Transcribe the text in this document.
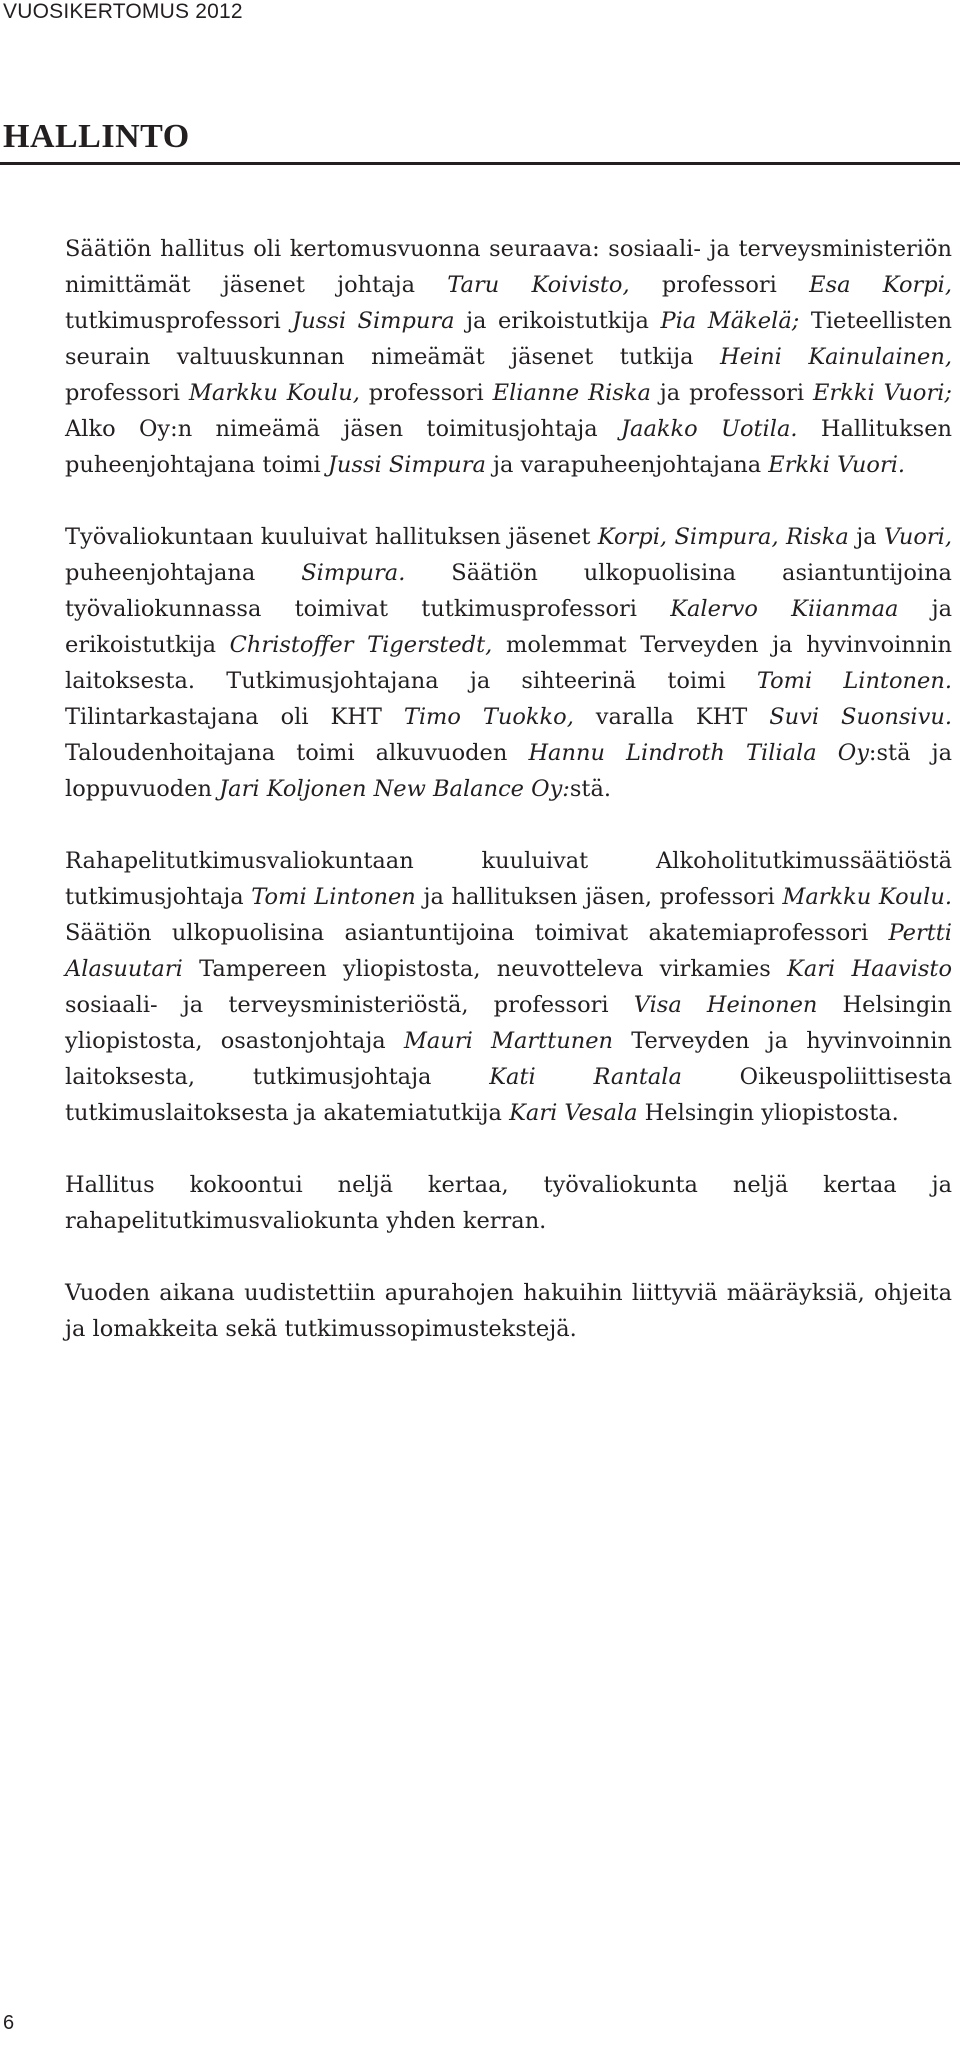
VUOSIKERTOMUS 2012
HALLINTO

Säätiön hallitus oli kertomusvuonna seuraava: sosiaali- ja terveysministeriön nimittämät jäsenet johtaja Taru Koivisto, professori Esa Korpi, tutkimusprofessori Jussi Simpura ja erikoistutkija Pia Mäkelä; Tieteellisten seurain valtuuskunnan nimeämät jäsenet tutkija Heini Kainulainen, professori Markku Koulu, professori Elianne Riska ja professori Erkki Vuori; Alko Oy:n nimeämä jäsen toimitusjohtaja Jaakko Uotila. Hallituksen puheenjohtajana toimi Jussi Simpura ja varapuheenjohtajana Erkki Vuori.

Työvaliokuntaan kuuluivat hallituksen jäsenet Korpi, Simpura, Riska ja Vuori, puheenjohtajana Simpura. Säätiön ulkopuolisina asiantuntijoina työvaliokunnassa toimivat tutkimusprofessori Kalervo Kiianmaa ja erikoistutkija Christoffer Tigerstedt, molemmat Terveyden ja hyvinvoinnin laitoksesta. Tutkimusjohtajana ja sihteerinä toimi Tomi Lintonen. Tilintarkastajana oli KHT Timo Tuokko, varalla KHT Suvi Suonsivu. Taloudenhoitajana toimi alkuvuoden Hannu Lindroth Tiliala Oy:stä ja loppuvuoden Jari Koljonen New Balance Oy:stä.

Rahapelitutkimusvaliokuntaan kuuluivat Alkoholitutkimussäätiöstä tutkimusjohtaja Tomi Lintonen ja hallituksen jäsen, professori Markku Koulu. Säätiön ulkopuolisina asiantuntijoina toimivat akatemiaprofessori Pertti Alasuutari Tampereen yliopistosta, neuvotteleva virkamies Kari Haavisto sosiaali- ja terveysministeriöstä, professori Visa Heinonen Helsingin yliopistosta, osastonjohtaja Mauri Marttunen Terveyden ja hyvinvoinnin laitoksesta, tutkimusjohtaja Kati Rantala Oikeuspoliittisesta tutkimuslaitoksesta ja akatemiatutkija Kari Vesala Helsingin yliopistosta.

Hallitus kokoontui neljä kertaa, työvaliokunta neljä kertaa ja rahapelitutkimusvaliokunta yhden kerran.

Vuoden aikana uudistettiin apurahojen hakuihin liittyviä määräyksiä, ohjeita ja lomakkeita sekä tutkimussopimustekstejä.

6
